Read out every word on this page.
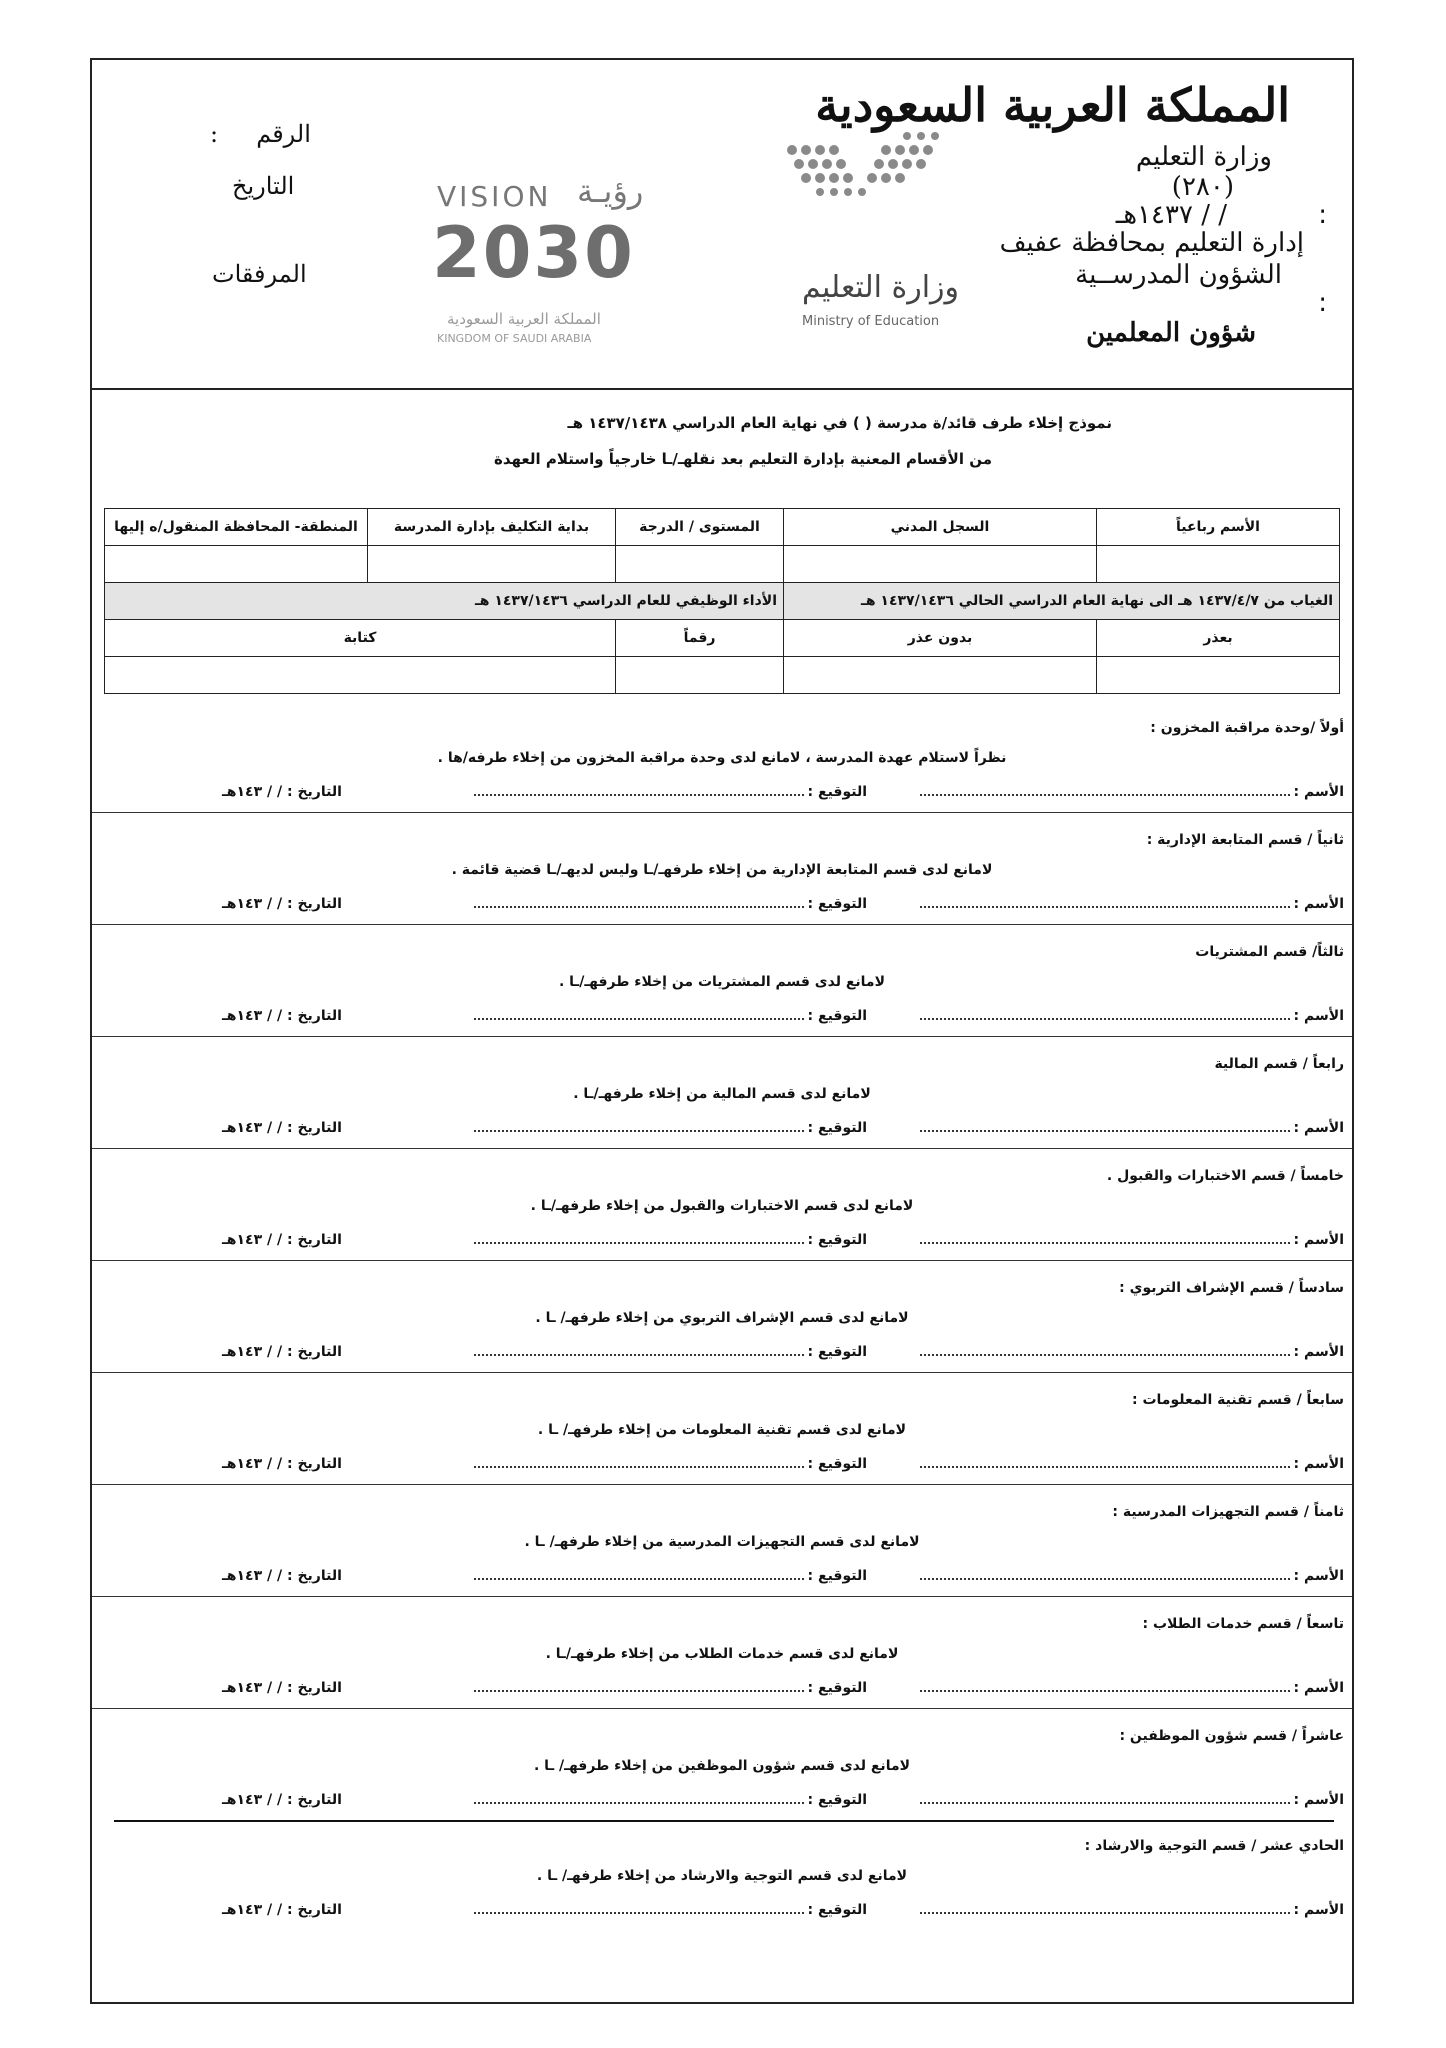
المملكة العربية السعودية
وزارة التعليم
(٢٨٠)
/ / ١٤٣٧هـ
إدارة التعليم بمحافظة عفيف
الشؤون المدرســية
شؤون المعلمين
:
:
الرقم     :
التاريخ
المرفقات	وزارة التعليم
Ministry of Education
VISION رؤيـة
2030
المملكة العربية السعودية
KINGDOM OF SAUDI ARABIA
نموذج إخلاء طرف قائد/ة مدرسة ( ) في نهاية العام الدراسي ١٤٣٧/١٤٣٨ هـ
من الأقسام المعنية بإدارة التعليم بعد نقلهـ/ـا خارجياً واستلام العهدة
الأسم رباعياً	السجل المدني	المستوى / الدرجة	بداية التكليف بإدارة المدرسة	المنطقة- المحافظة المنقول/ه إليها

الغياب من ١٤٣٧/٤/٧ هـ الى نهاية العام الدراسي الحالي ١٤٣٧/١٤٣٦ هـ		الأداء الوظيفي للعام الدراسي ١٤٣٧/١٤٣٦ هـ		
بعذر	بدون عذر	رقماً	كتابة	

أولاً /وحدة مراقبة المخزون :
نظراً لاستلام عهدة المدرسة ، لامانع لدى وحدة مراقبة المخزون من إخلاء طرفه/ها .
الأسم :
التوقيع :
التاريخ : / / ١٤٣هـ
ثانياً / قسم المتابعة الإدارية :
لامانع لدى قسم المتابعة الإدارية من إخلاء طرفهـ/ـا وليس لديهـ/ـا قضية قائمة .
الأسم :
التوقيع :
التاريخ : / / ١٤٣هـ
ثالثاً/ قسم المشتريات
لامانع لدى قسم المشتريات من إخلاء طرفهـ/ـا .
الأسم :
التوقيع :
التاريخ : / / ١٤٣هـ
رابعاً / قسم المالية
لامانع لدى قسم المالية من إخلاء طرفهـ/ـا .
الأسم :
التوقيع :
التاريخ : / / ١٤٣هـ
خامساً / قسم الاختبارات والقبول .
لامانع لدى قسم الاختبارات والقبول من إخلاء طرفهـ/ـا .
الأسم :
التوقيع :
التاريخ : / / ١٤٣هـ
سادساً / قسم الإشراف التربوي :
لامانع لدى قسم الإشراف التربوي من إخلاء طرفهـ/ ـا .
الأسم :
التوقيع :
التاريخ : / / ١٤٣هـ
سابعاً / قسم تقنية المعلومات :
لامانع لدى قسم تقنية المعلومات من إخلاء طرفهـ/ ـا .
الأسم :
التوقيع :
التاريخ : / / ١٤٣هـ
ثامناً / قسم التجهيزات المدرسية :
لامانع لدى قسم التجهيزات المدرسية من إخلاء طرفهـ/ ـا .
الأسم :
التوقيع :
التاريخ : / / ١٤٣هـ
تاسعاً / قسم خدمات الطلاب :
لامانع لدى قسم خدمات الطلاب من إخلاء طرفهـ/ـا .
الأسم :
التوقيع :
التاريخ : / / ١٤٣هـ
عاشراً / قسم شؤون الموظفين :
لامانع لدى قسم شؤون الموظفين من إخلاء طرفهـ/ ـا .
الأسم :
التوقيع :
التاريخ : / / ١٤٣هـ
الحادي عشر / قسم التوجية والارشاد :
لامانع لدى قسم التوجية والارشاد من إخلاء طرفهـ/ ـا .
الأسم :
التوقيع :
التاريخ : / / ١٤٣هـ
